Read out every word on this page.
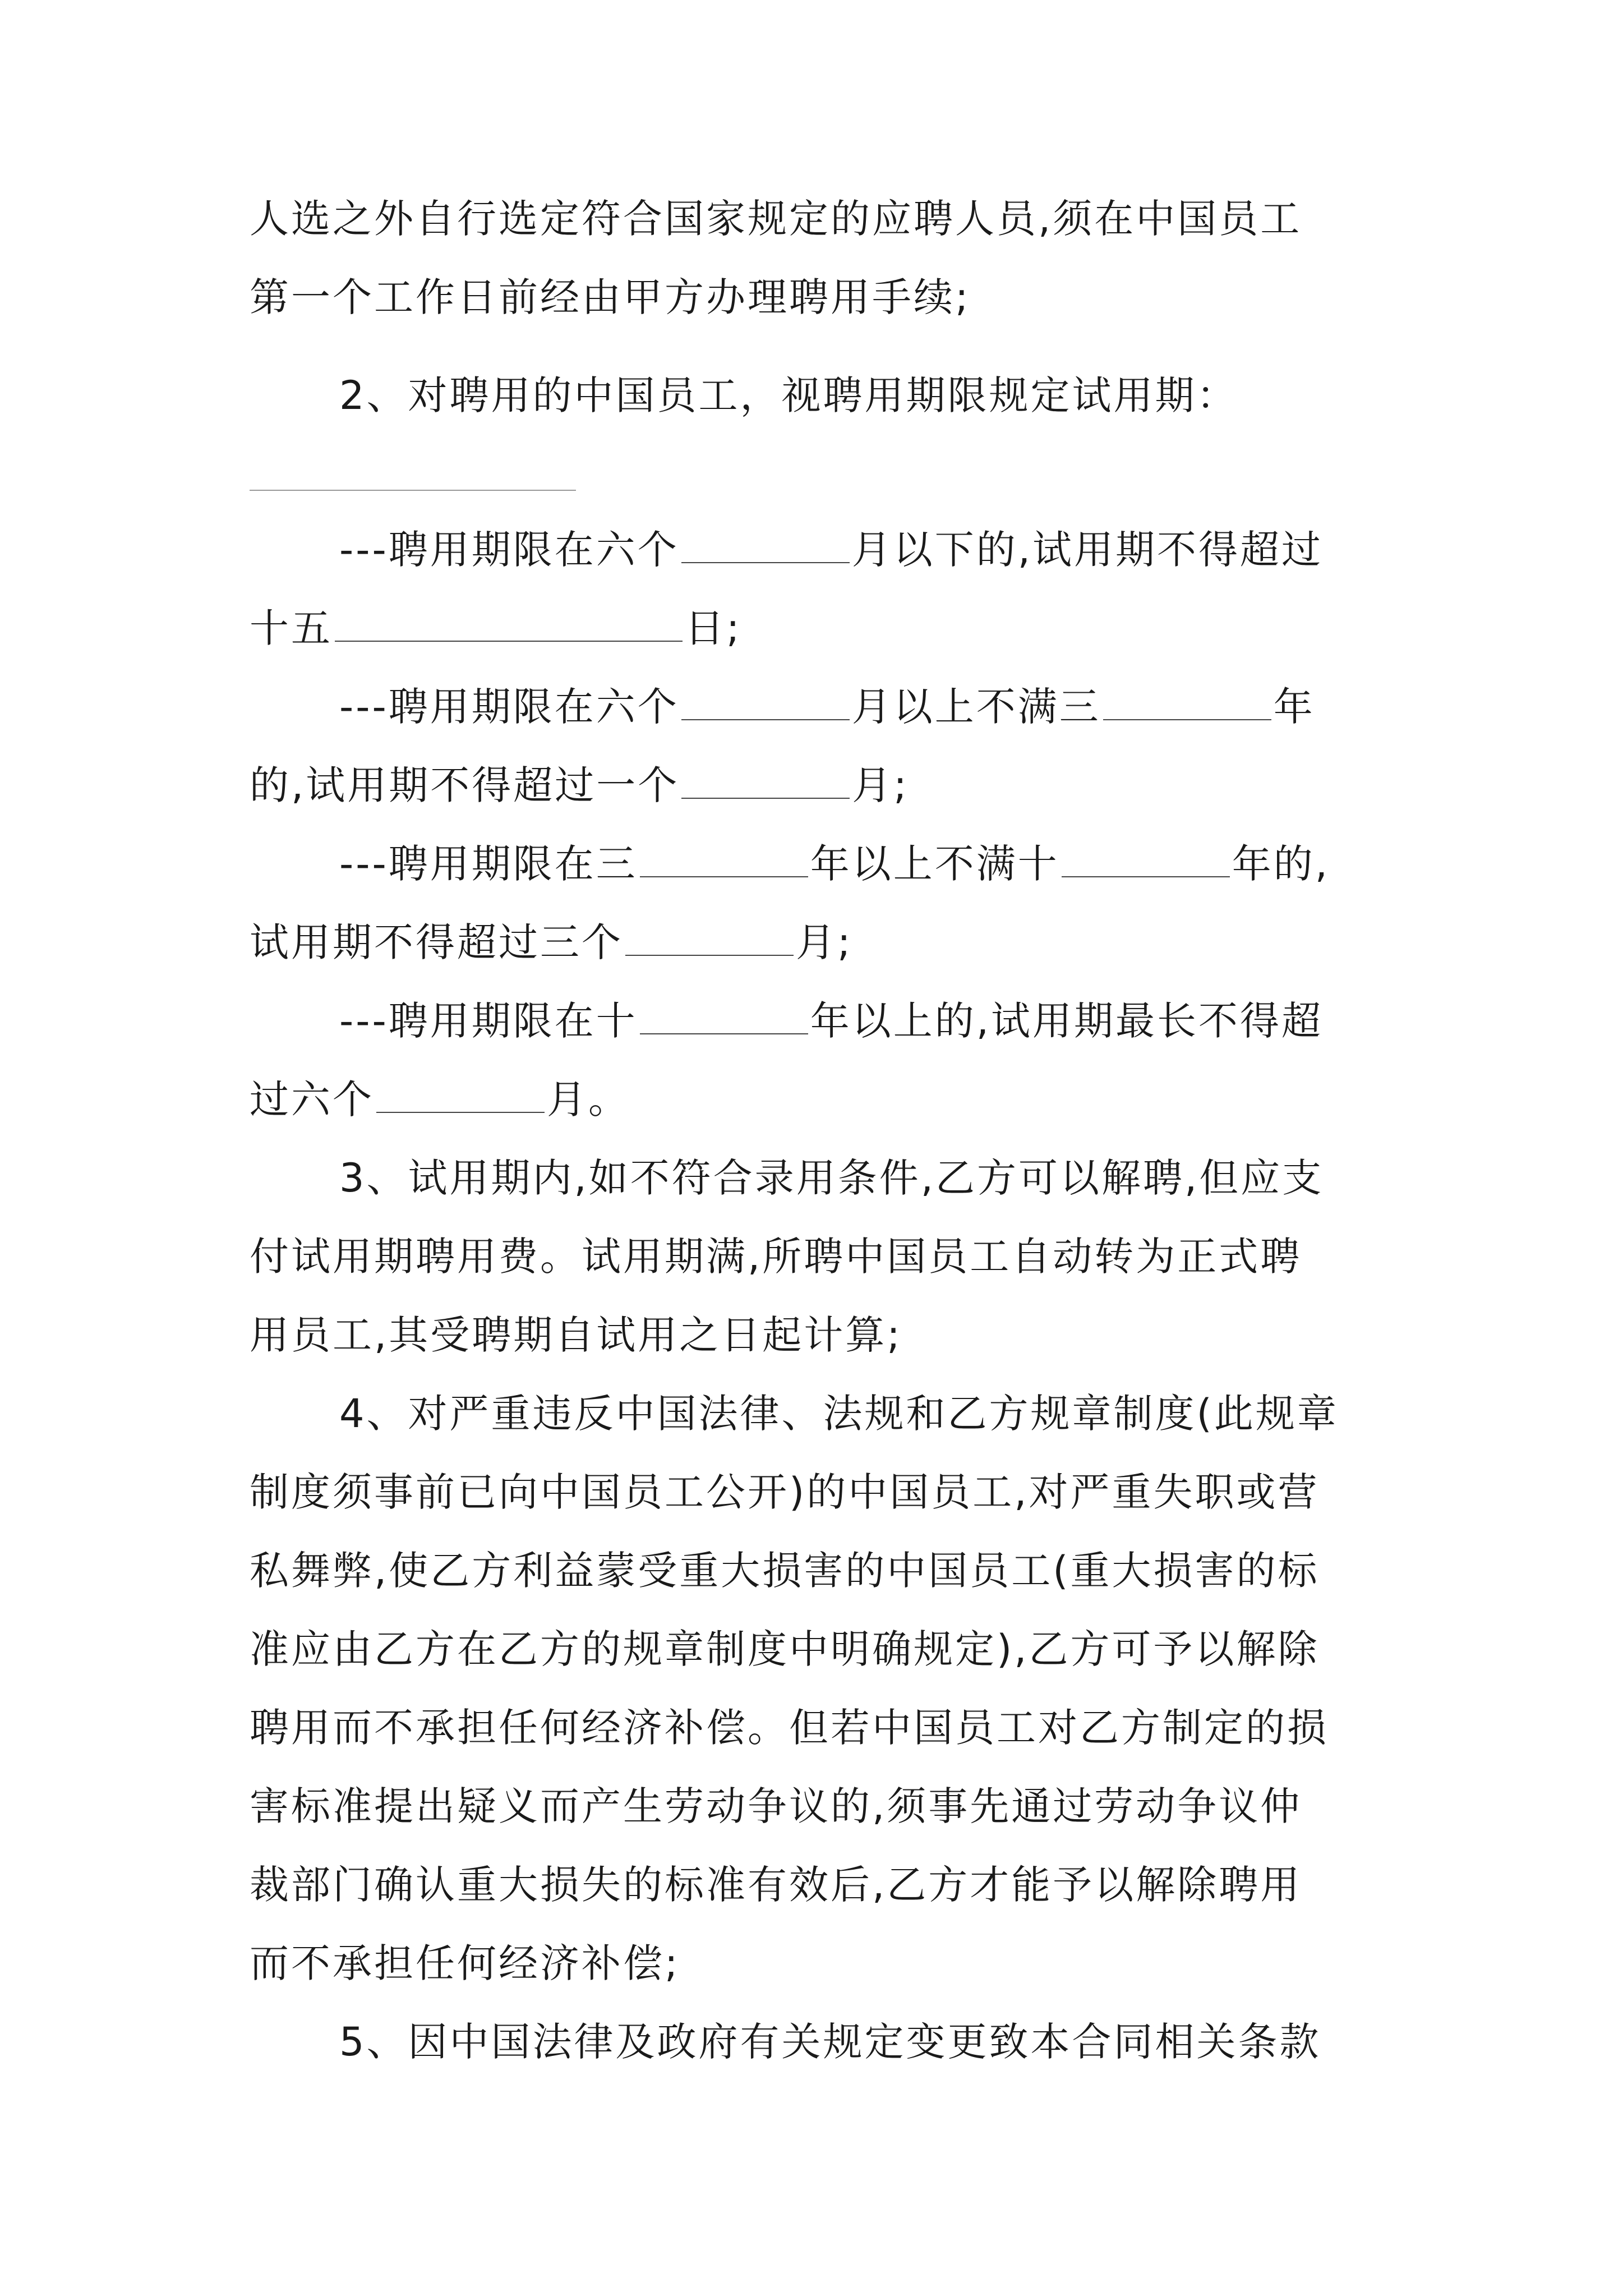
人选之外自行选定符合国家规定的应聘人员,须在中国员工
第一个工作日前经由甲方办理聘用手续;
2、对聘用的中国员工，视聘用期限规定试用期：
---聘用期限在六个	月以下的,试用期不得超过
十五	日;
---聘用期限在六个	月以上不满三	年
的,试用期不得超过一个	月;
---聘用期限在三	年以上不满十	年的,
试用期不得超过三个	月;
---聘用期限在十	年以上的,试用期最长不得超
过六个	月。
3、试用期内,如不符合录用条件,乙方可以解聘,但应支
付试用期聘用费。试用期满,所聘中国员工自动转为正式聘
用员工,其受聘期自试用之日起计算;
4、对严重违反中国法律、法规和乙方规章制度(此规章
制度须事前已向中国员工公开)的中国员工,对严重失职或营
私舞弊,使乙方利益蒙受重大损害的中国员工(重大损害的标
准应由乙方在乙方的规章制度中明确规定),乙方可予以解除
聘用而不承担任何经济补偿。但若中国员工对乙方制定的损
害标准提出疑义而产生劳动争议的,须事先通过劳动争议仲
裁部门确认重大损失的标准有效后,乙方才能予以解除聘用
而不承担任何经济补偿;
5、因中国法律及政府有关规定变更致本合同相关条款
